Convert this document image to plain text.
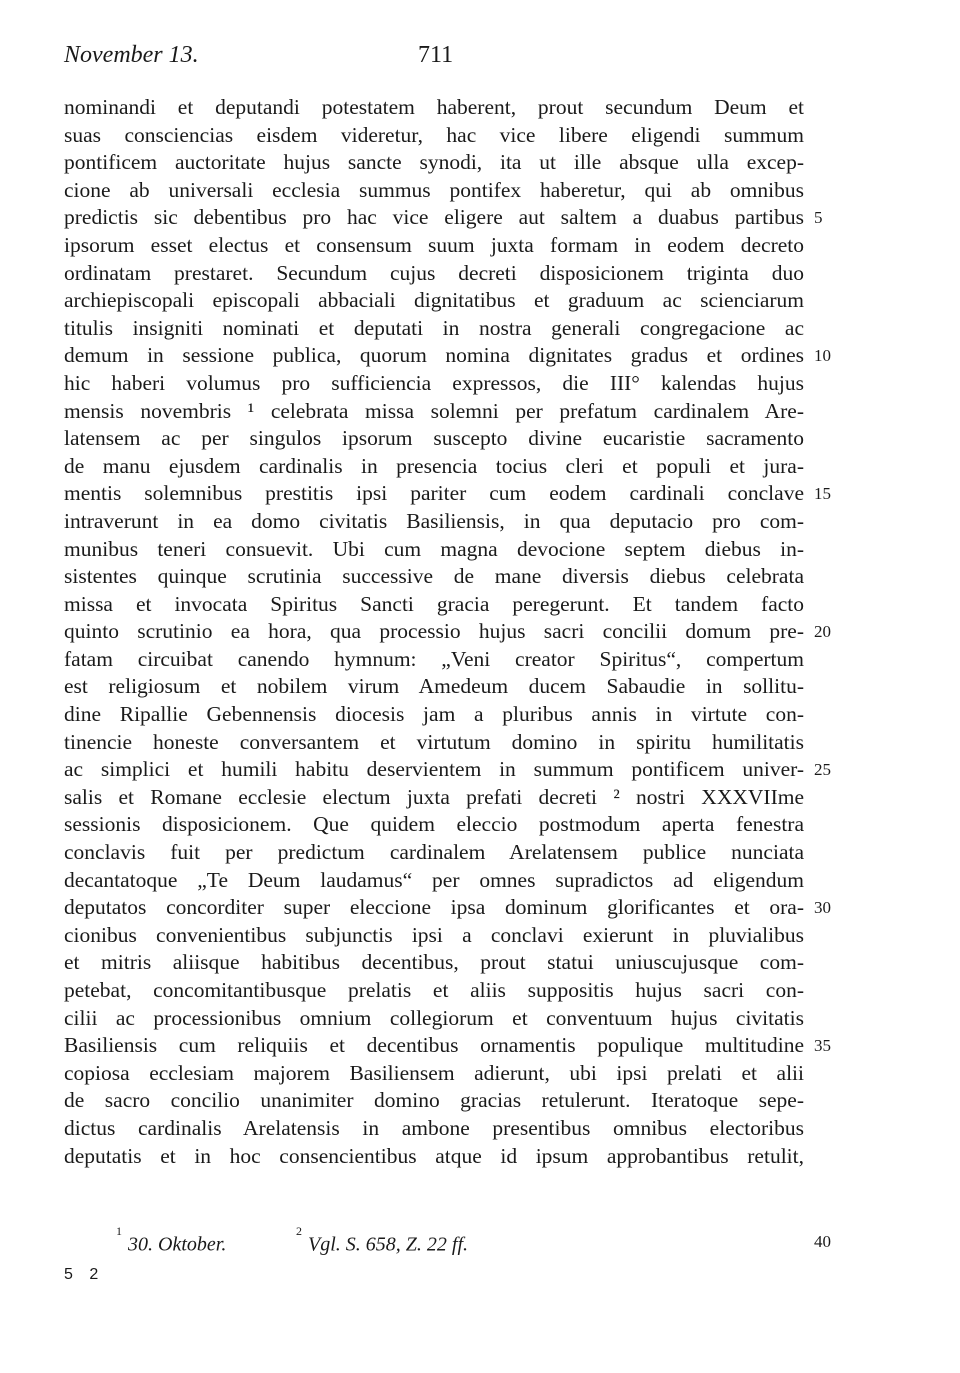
November 13.	711
nominandi et deputandi potestatem haberent, prout secundum Deum et
suas consciencias eisdem videretur, hac vice libere eligendi summum
pontificem auctoritate hujus sancte synodi, ita ut ille absque ulla excep-
cione ab universali ecclesia summus pontifex haberetur, qui ab omnibus
predictis sic debentibus pro hac vice eligere aut saltem a duabus partibus
ipsorum esset electus et consensum suum juxta formam in eodem decreto
ordinatam prestaret. Secundum cujus decreti disposicionem triginta duo
archiepiscopali episcopali abbaciali dignitatibus et graduum ac scienciarum
titulis insigniti nominati et deputati in nostra generali congregacione ac
demum in sessione publica, quorum nomina dignitates gradus et ordines
hic haberi volumus pro sufficiencia expressos, die III° kalendas hujus
mensis novembris ¹ celebrata missa solemni per prefatum cardinalem Are-
latensem ac per singulos ipsorum suscepto divine eucaristie sacramento
de manu ejusdem cardinalis in presencia tocius cleri et populi et jura-
mentis solemnibus prestitis ipsi pariter cum eodem cardinali conclave
intraverunt in ea domo civitatis Basiliensis, in qua deputacio pro com-
munibus teneri consuevit. Ubi cum magna devocione septem diebus in-
sistentes quinque scrutinia successive de mane diversis diebus celebrata
missa et invocata Spiritus Sancti gracia peregerunt. Et tandem facto
quinto scrutinio ea hora, qua processio hujus sacri concilii domum pre-
fatam circuibat canendo hymnum: „Veni creator Spiritus“, compertum
est religiosum et nobilem virum Amedeum ducem Sabaudie in sollitu-
dine Ripallie Gebennensis diocesis jam a pluribus annis in virtute con-
tinencie honeste conversantem et virtutum domino in spiritu humilitatis
ac simplici et humili habitu deservientem in summum pontificem univer-
salis et Romane ecclesie electum juxta prefati decreti ² nostri XXXVIIme
sessionis disposicionem. Que quidem eleccio postmodum aperta fenestra
conclavis fuit per predictum cardinalem Arelatensem publice nunciata
decantatoque „Te Deum laudamus“ per omnes supradictos ad eligendum
deputatos concorditer super eleccione ipsa dominum glorificantes et ora-
cionibus convenientibus subjunctis ipsi a conclavi exierunt in pluvialibus
et mitris aliisque habitibus decentibus, prout statui uniuscujusque com-
petebat, concomitantibusque prelatis et aliis suppositis hujus sacri con-
cilii ac processionibus omnium collegiorum et conventuum hujus civitatis
Basiliensis cum reliquiis et decentibus ornamentis populique multitudine
copiosa ecclesiam majorem Basiliensem adierunt, ubi ipsi prelati et alii
de sacro concilio unanimiter domino gracias retulerunt. Iteratoque sepe-
dictus cardinalis Arelatensis in ambone presentibus omnibus electoribus
deputatis et in hoc consencientibus atque id ipsum approbantibus retulit,
5
10
15
20
25
30
35
$^1$30. Oktober.
$^2$Vgl. S. 658, Z. 22 ff.	40
5 2
